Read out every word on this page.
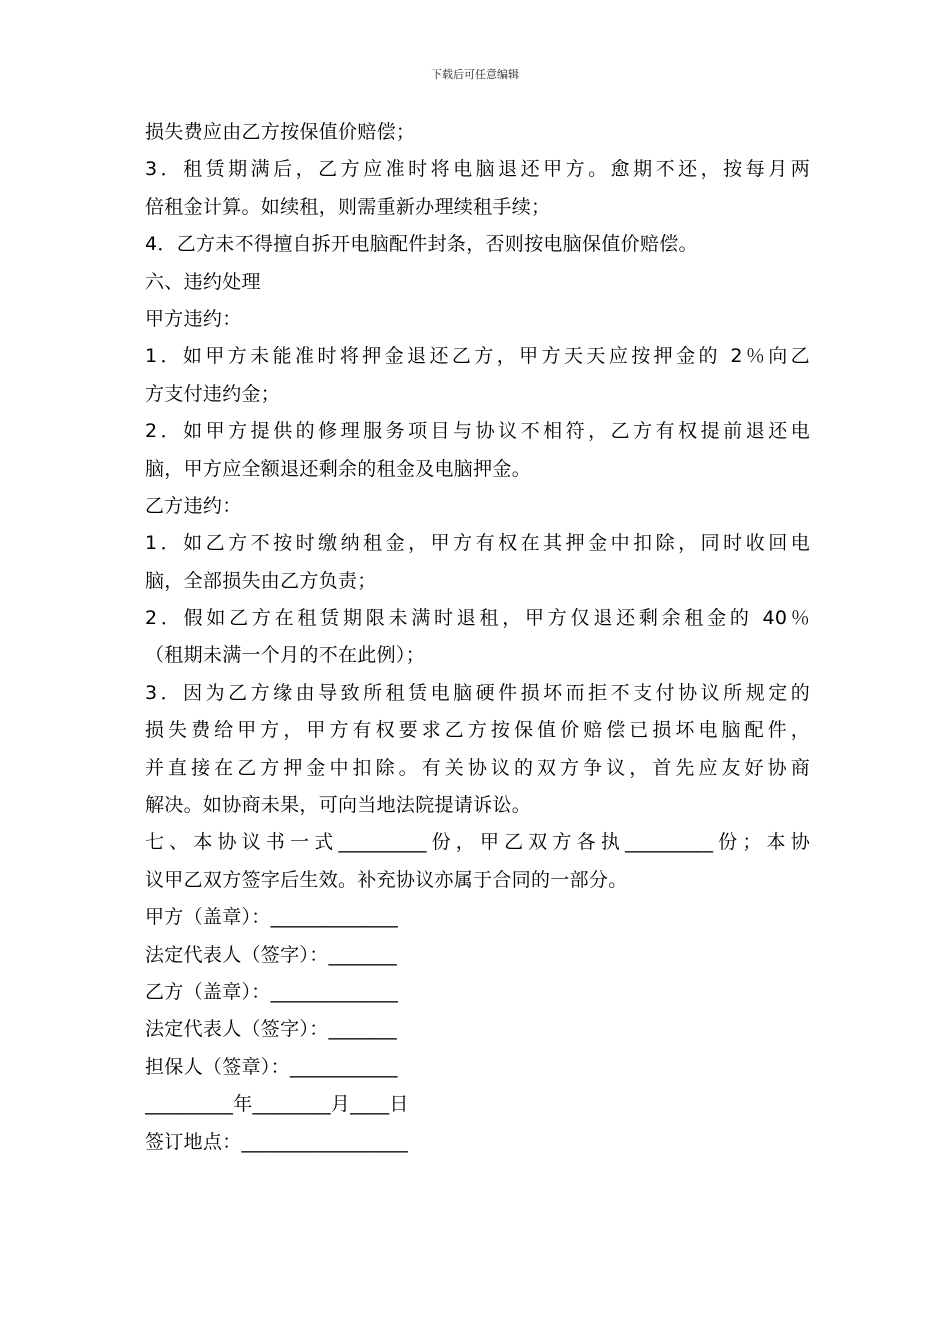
下载后可任意编辑
损失费应由乙方按保值价赔偿；
3．租赁期满后，乙方应准时将电脑退还甲方。愈期不还，按每月两
倍租金计算。如续租，则需重新办理续租手续；
4．乙方未不得擅自拆开电脑配件封条，否则按电脑保值价赔偿。
六、违约处理
甲方违约：
1．如甲方未能准时将押金退还乙方，甲方天天应按押金的 2％向乙
方支付违约金；
2．如甲方提供的修理服务项目与协议不相符，乙方有权提前退还电
脑，甲方应全额退还剩余的租金及电脑押金。
乙方违约：
1．如乙方不按时缴纳租金，甲方有权在其押金中扣除，同时收回电
脑，全部损失由乙方负责；
2．假如乙方在租赁期限未满时退租，甲方仅退还剩余租金的 40％
（租期未满一个月的不在此例）；
3．因为乙方缘由导致所租赁电脑硬件损坏而拒不支付协议所规定的
损失费给甲方，甲方有权要求乙方按保值价赔偿已损坏电脑配件，
并直接在乙方押金中扣除。有关协议的双方争议，首先应友好协商
解决。如协商未果，可向当地法院提请诉讼。
七、本协议书一式_________份，甲乙双方各执_________份；本协
议甲乙双方签字后生效。补充协议亦属于合同的一部分。
甲方（盖章）：_____________
法定代表人（签字）：_______
乙方（盖章）：_____________
法定代表人（签字）：_______
担保人（签章）：___________
_________年________月____日
签订地点：_________________
